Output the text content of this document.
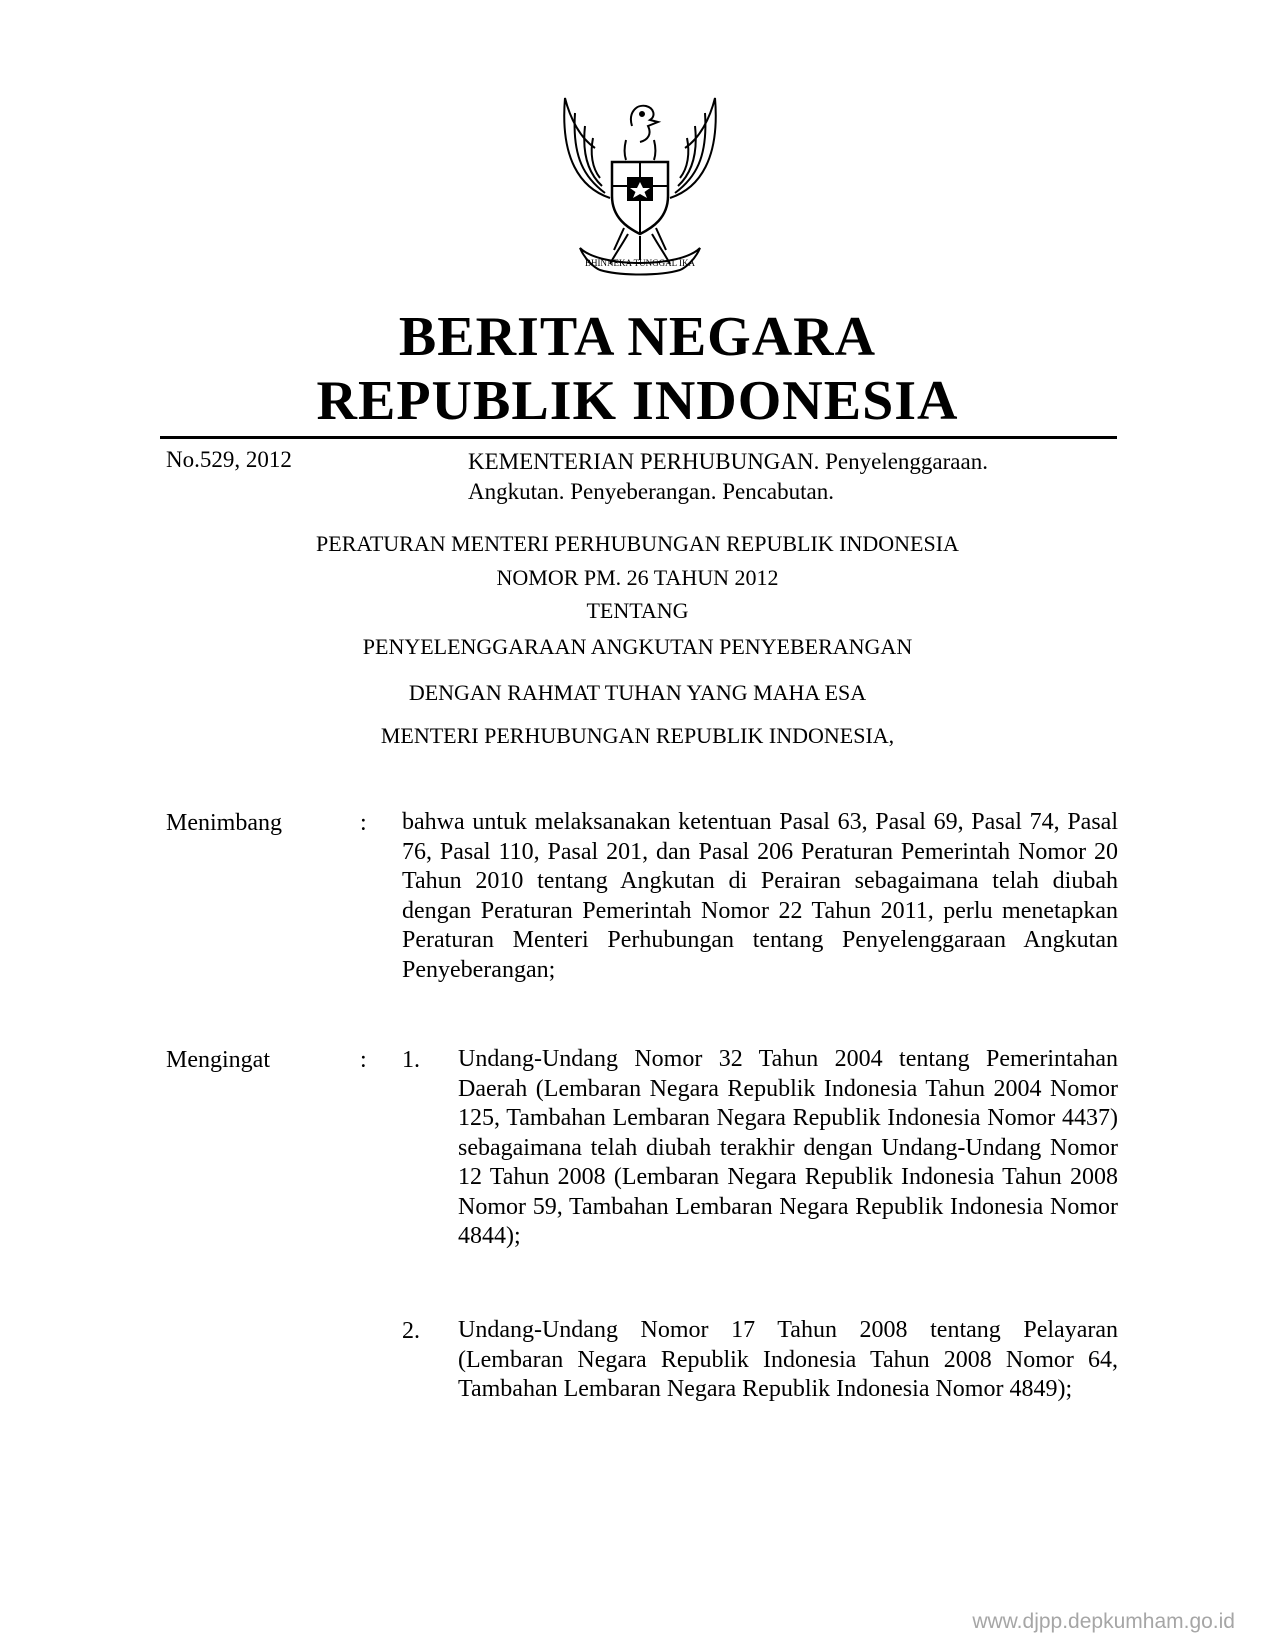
BHINNEKA TUNGGAL IKA
BERITA NEGARA
REPUBLIK INDONESIA
No.529, 2012	KEMENTERIAN PERHUBUNGAN. Penyelenggaraan.
Angkutan. Penyeberangan. Pencabutan.
PERATURAN MENTERI PERHUBUNGAN REPUBLIK INDONESIA
NOMOR PM. 26 TAHUN 2012
TENTANG
PENYELENGGARAAN ANGKUTAN PENYEBERANGAN
DENGAN RAHMAT TUHAN YANG MAHA ESA
MENTERI PERHUBUNGAN REPUBLIK INDONESIA,
Menimbang	: bahwa untuk melaksanakan ketentuan Pasal 63, Pasal 69, Pasal 74, Pasal 76, Pasal 110, Pasal 201, dan Pasal 206 Peraturan Pemerintah Nomor 20 Tahun 2010 tentang Angkutan di Perairan sebagaimana telah diubah dengan Peraturan Pemerintah Nomor 22 Tahun 2011, perlu menetapkan Peraturan Menteri Perhubungan tentang Penyelenggaraan Angkutan Penyeberangan;
Mengingat	: 1. Undang-Undang Nomor 32 Tahun 2004 tentang Pemerintahan Daerah (Lembaran Negara Republik Indonesia Tahun 2004 Nomor 125, Tambahan Lembaran Negara Republik Indonesia Nomor 4437) sebagaimana telah diubah terakhir dengan Undang-Undang Nomor 12 Tahun 2008 (Lembaran Negara Republik Indonesia Tahun 2008 Nomor 59, Tambahan Lembaran Negara Republik Indonesia Nomor 4844);
2. Undang-Undang Nomor 17 Tahun 2008 tentang Pelayaran (Lembaran Negara Republik Indonesia Tahun 2008 Nomor 64, Tambahan Lembaran Negara Republik Indonesia Nomor 4849);
www.djpp.depkumham.go.id
